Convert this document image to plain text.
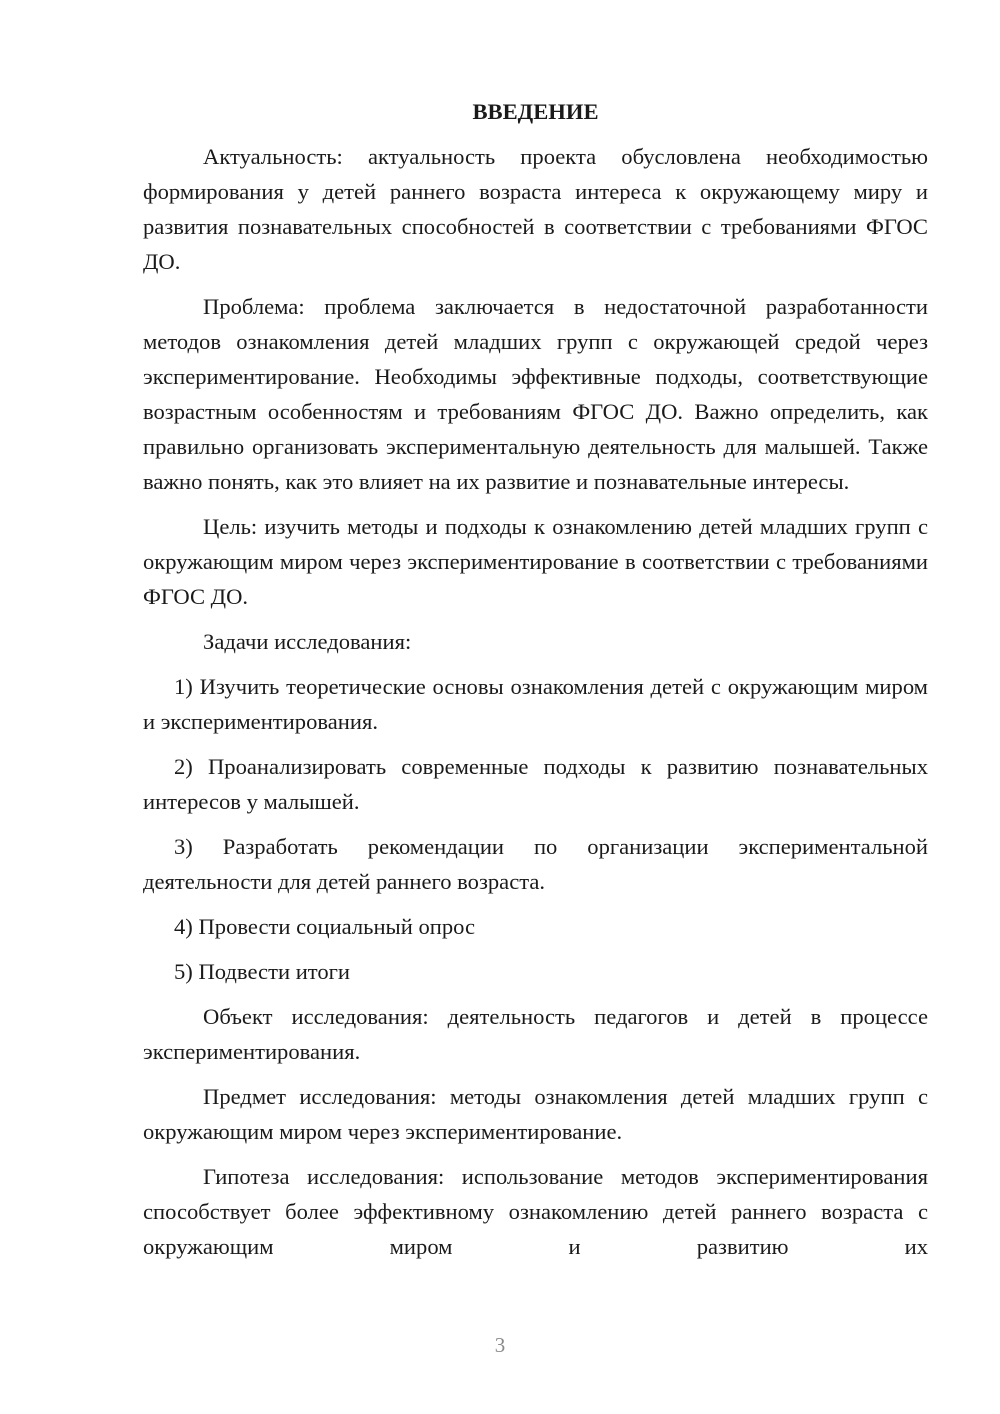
ВВЕДЕНИЕ

Актуальность: актуальность проекта обусловлена необходимостью формирования у детей раннего возраста интереса к окружающему миру и развития познавательных способностей в соответствии с требованиями ФГОС ДО.

Проблема: проблема заключается в недостаточной разработанности методов ознакомления детей младших групп с окружающей средой через экспериментирование. Необходимы эффективные подходы, соответствующие возрастным особенностям и требованиям ФГОС ДО. Важно определить, как правильно организовать экспериментальную деятельность для малышей. Также важно понять, как это влияет на их развитие и познавательные интересы.

Цель: изучить методы и подходы к ознакомлению детей младших групп с окружающим миром через экспериментирование в соответствии с требованиями ФГОС ДО.

Задачи исследования:

1) Изучить теоретические основы ознакомления детей с окружающим миром и экспериментирования.

2) Проанализировать современные подходы к развитию познавательных интересов у малышей.

3) Разработать рекомендации по организации экспериментальной деятельности для детей раннего возраста.

4) Провести социальный опрос

5) Подвести итоги

Объект исследования: деятельность педагогов и детей в процессе экспериментирования.

Предмет исследования: методы ознакомления детей младших групп с окружающим миром через экспериментирование.

Гипотеза исследования: использование методов экспериментирования способствует более эффективному ознакомлению детей раннего возраста с окружающим миром и развитию их

3
